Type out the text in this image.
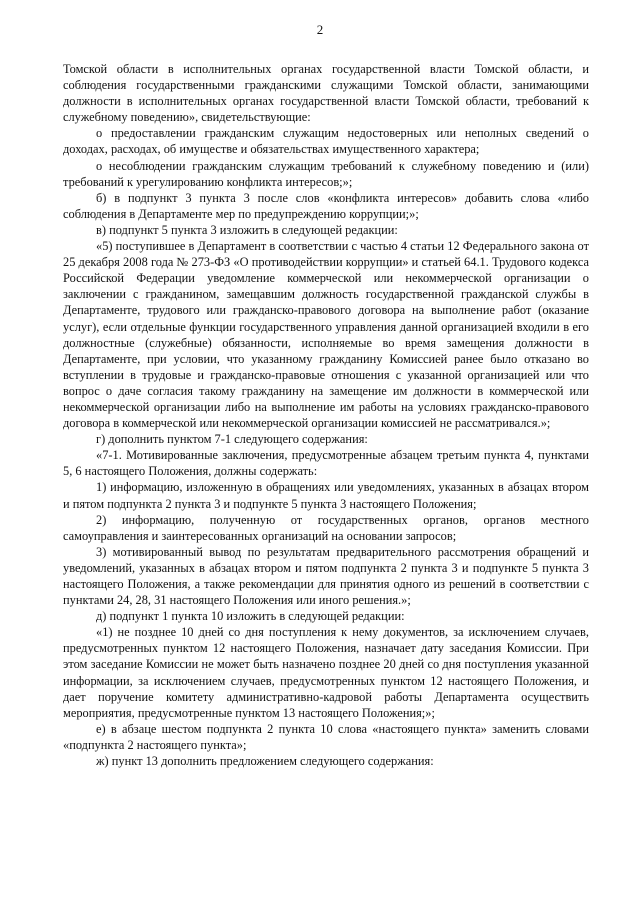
2

Томской области в исполнительных органах государственной власти Томской области, и соблюдения государственными гражданскими служащими Томской области, занимающими должности в исполнительных органах государственной власти Томской области, требований к служебному поведению», свидетельствующие:

о предоставлении гражданским служащим недостоверных или неполных сведений о доходах, расходах, об имуществе и обязательствах имущественного характера;

о несоблюдении гражданским служащим требований к служебному поведению и (или) требований к урегулированию конфликта интересов;»;

б) в подпункт 3 пункта 3 после слов «конфликта интересов» добавить слова «либо соблюдения в Департаменте мер по предупреждению коррупции;»;

в) подпункт 5 пункта 3 изложить в следующей редакции:

«5) поступившее в Департамент в соответствии с частью 4 статьи 12 Федерального закона от 25 декабря 2008 года № 273-ФЗ «О противодействии коррупции» и статьей 64.1. Трудового кодекса Российской Федерации уведомление коммерческой или некоммерческой организации о заключении с гражданином, замещавшим должность государственной гражданской службы в Департаменте, трудового или гражданско-правового договора на выполнение работ (оказание услуг), если отдельные функции государственного управления данной организацией входили в его должностные (служебные) обязанности, исполняемые во время замещения должности в Департаменте, при условии, что указанному гражданину Комиссией ранее было отказано во вступлении в трудовые и гражданско-правовые отношения с указанной организацией или что вопрос о даче согласия такому гражданину на замещение им должности в коммерческой или некоммерческой организации либо на выполнение им работы на условиях гражданско-правового договора в коммерческой или некоммерческой организации комиссией не рассматривался.»;

г) дополнить пунктом 7-1 следующего содержания:

«7-1. Мотивированные заключения, предусмотренные абзацем третьим пункта 4, пунктами 5, 6 настоящего Положения, должны содержать:

1) информацию, изложенную в обращениях или уведомлениях, указанных в абзацах втором и пятом подпункта 2 пункта 3 и подпункте 5 пункта 3 настоящего Положения;

2) информацию, полученную от государственных органов, органов местного самоуправления и заинтересованных организаций на основании запросов;

3) мотивированный вывод по результатам предварительного рассмотрения обращений и уведомлений, указанных в абзацах втором и пятом подпункта 2 пункта 3 и подпункте 5 пункта 3 настоящего Положения, а также рекомендации для принятия одного из решений в соответствии с пунктами 24, 28, 31 настоящего Положения или иного решения.»;

д) подпункт 1 пункта 10 изложить в следующей редакции:

«1) не позднее 10 дней со дня поступления к нему документов, за исключением случаев, предусмотренных пунктом 12 настоящего Положения, назначает дату заседания Комиссии. При этом заседание Комиссии не может быть назначено позднее 20 дней со дня поступления указанной информации, за исключением случаев, предусмотренных пунктом 12 настоящего Положения, и дает поручение комитету административно-кадровой работы Департамента осуществить мероприятия, предусмотренные пунктом 13 настоящего Положения;»;

е) в абзаце шестом подпункта 2 пункта 10 слова «настоящего пункта» заменить словами «подпункта 2 настоящего пункта»;

ж) пункт 13 дополнить предложением следующего содержания:
